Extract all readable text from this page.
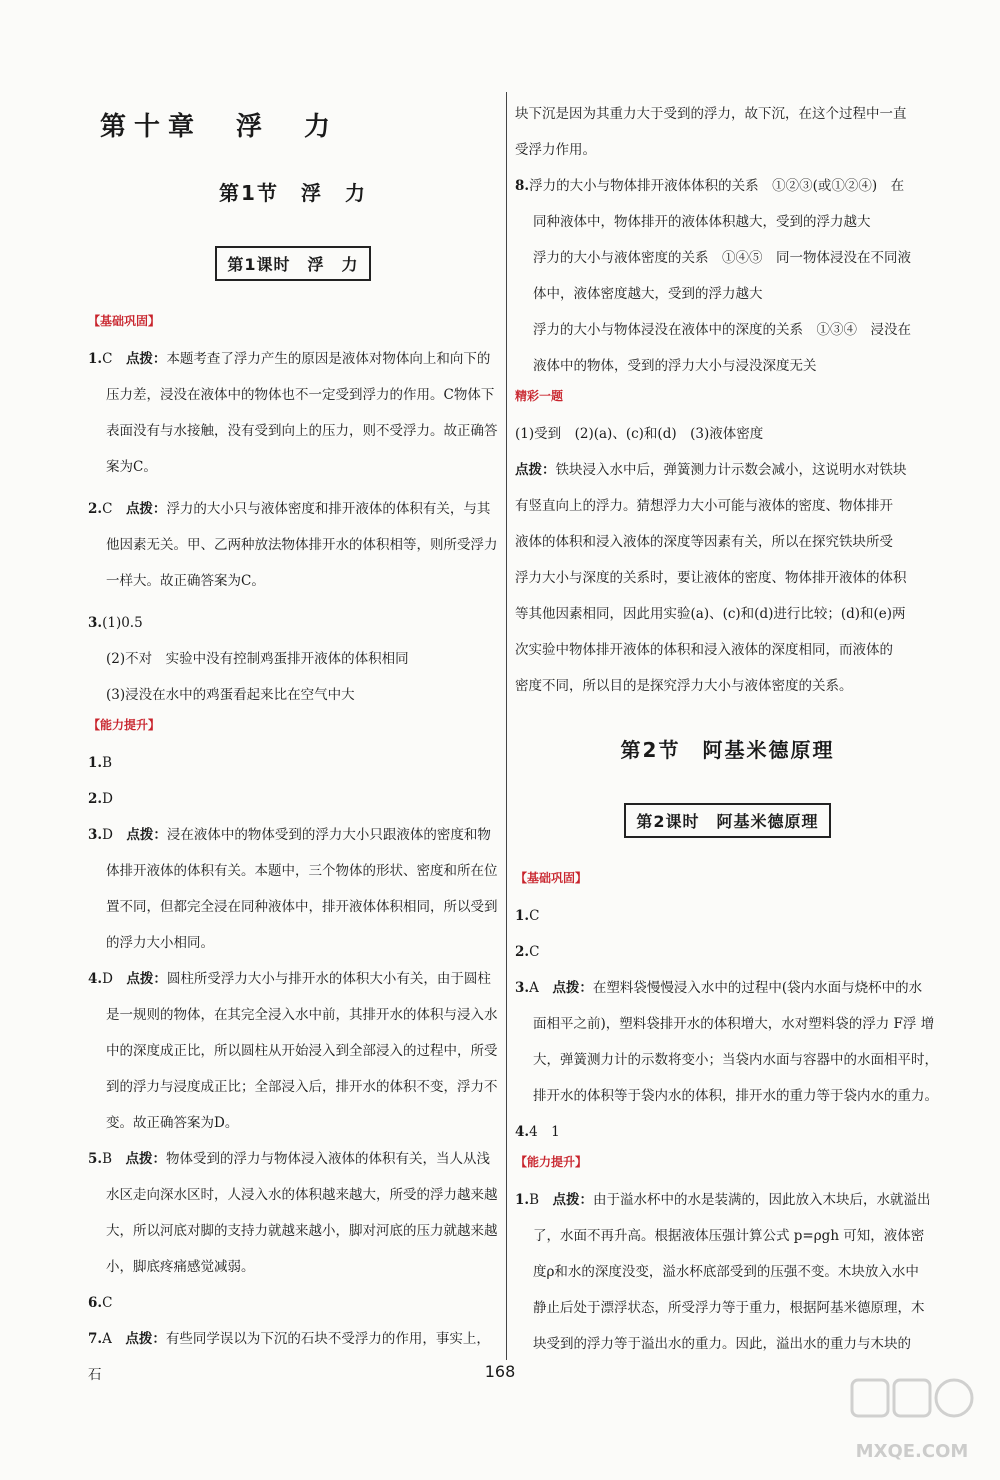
第十章　浮　力
第1节　浮　力
第1课时　浮　力
【基础巩固】

1.C　 点拨：本题考查了浮力产生的原因是液体对物体向上和向下的

压力差，浸没在液体中的物体也不一定受到浮力的作用。C物体下

表面没有与水接触，没有受到向上的压力，则不受浮力。故正确答

案为C。

2.C　 点拨：浮力的大小只与液体密度和排开液体的体积有关，与其

他因素无关。甲、乙两种放法物体排开水的体积相等，则所受浮力

一样大。故正确答案为C。

3.(1)0.5

(2)不对　实验中没有控制鸡蛋排开液体的体积相同

(3)浸没在水中的鸡蛋看起来比在空气中大

【能力提升】

1.B

2.D

3.D　 点拨：浸在液体中的物体受到的浮力大小只跟液体的密度和物

体排开液体的体积有关。本题中，三个物体的形状、密度和所在位

置不同，但都完全浸在同种液体中，排开液体体积相同，所以受到

的浮力大小相同。

4.D　 点拨：圆柱所受浮力大小与排开水的体积大小有关，由于圆柱

是一规则的物体，在其完全浸入水中前，其排开水的体积与浸入水

中的深度成正比，所以圆柱从开始浸入到全部浸入的过程中，所受

到的浮力与浸度成正比；全部浸入后，排开水的体积不变，浮力不

变。故正确答案为D。

5.B　 点拨：物体受到的浮力与物体浸入液体的体积有关，当人从浅

水区走向深水区时，人浸入水的体积越来越大，所受的浮力越来越

大，所以河底对脚的支持力就越来越小，脚对河底的压力就越来越

小，脚底疼痛感觉减弱。

6.C

7.A　 点拨：有些同学误以为下沉的石块不受浮力的作用，事实上，石

块下沉是因为其重力大于受到的浮力，故下沉，在这个过程中一直

受浮力作用。

8.浮力的大小与物体排开液体体积的关系　①②③(或①②④)　在

同种液体中，物体排开的液体体积越大，受到的浮力越大

浮力的大小与液体密度的关系　①④⑤　同一物体浸没在不同液

体中，液体密度越大，受到的浮力越大

浮力的大小与物体浸没在液体中的深度的关系　①③④　浸没在

液体中的物体，受到的浮力大小与浸没深度无关

精彩一题

(1)受到　(2)(a)、(c)和(d)　(3)液体密度

点拨：铁块浸入水中后，弹簧测力计示数会减小，这说明水对铁块

有竖直向上的浮力。猜想浮力大小可能与液体的密度、物体排开

液体的体积和浸入液体的深度等因素有关，所以在探究铁块所受

浮力大小与深度的关系时，要让液体的密度、物体排开液体的体积

等其他因素相同，因此用实验(a)、(c)和(d)进行比较；(d)和(e)两

次实验中物体排开液体的体积和浸入液体的深度相同，而液体的

密度不同，所以目的是探究浮力大小与液体密度的关系。

第2节　阿基米德原理
第2课时　阿基米德原理
【基础巩固】

1.C

2.C

3.A　 点拨：在塑料袋慢慢浸入水中的过程中(袋内水面与烧杯中的水

面相平之前)，塑料袋排开水的体积增大，水对塑料袋的浮力 F浮 增

大，弹簧测力计的示数将变小；当袋内水面与容器中的水面相平时，

排开水的体积等于袋内水的体积，排开水的重力等于袋内水的重力。

4.4　1

【能力提升】

1.B　 点拨：由于溢水杯中的水是装满的，因此放入木块后，水就溢出

了，水面不再升高。根据液体压强计算公式 p=ρgh 可知，液体密

度ρ和水的深度没变，溢水杯底部受到的压强不变。木块放入水中

静止后处于漂浮状态，所受浮力等于重力，根据阿基米德原理，木

块受到的浮力等于溢出水的重力。因此，溢出水的重力与木块的

168
MXQE.COM
